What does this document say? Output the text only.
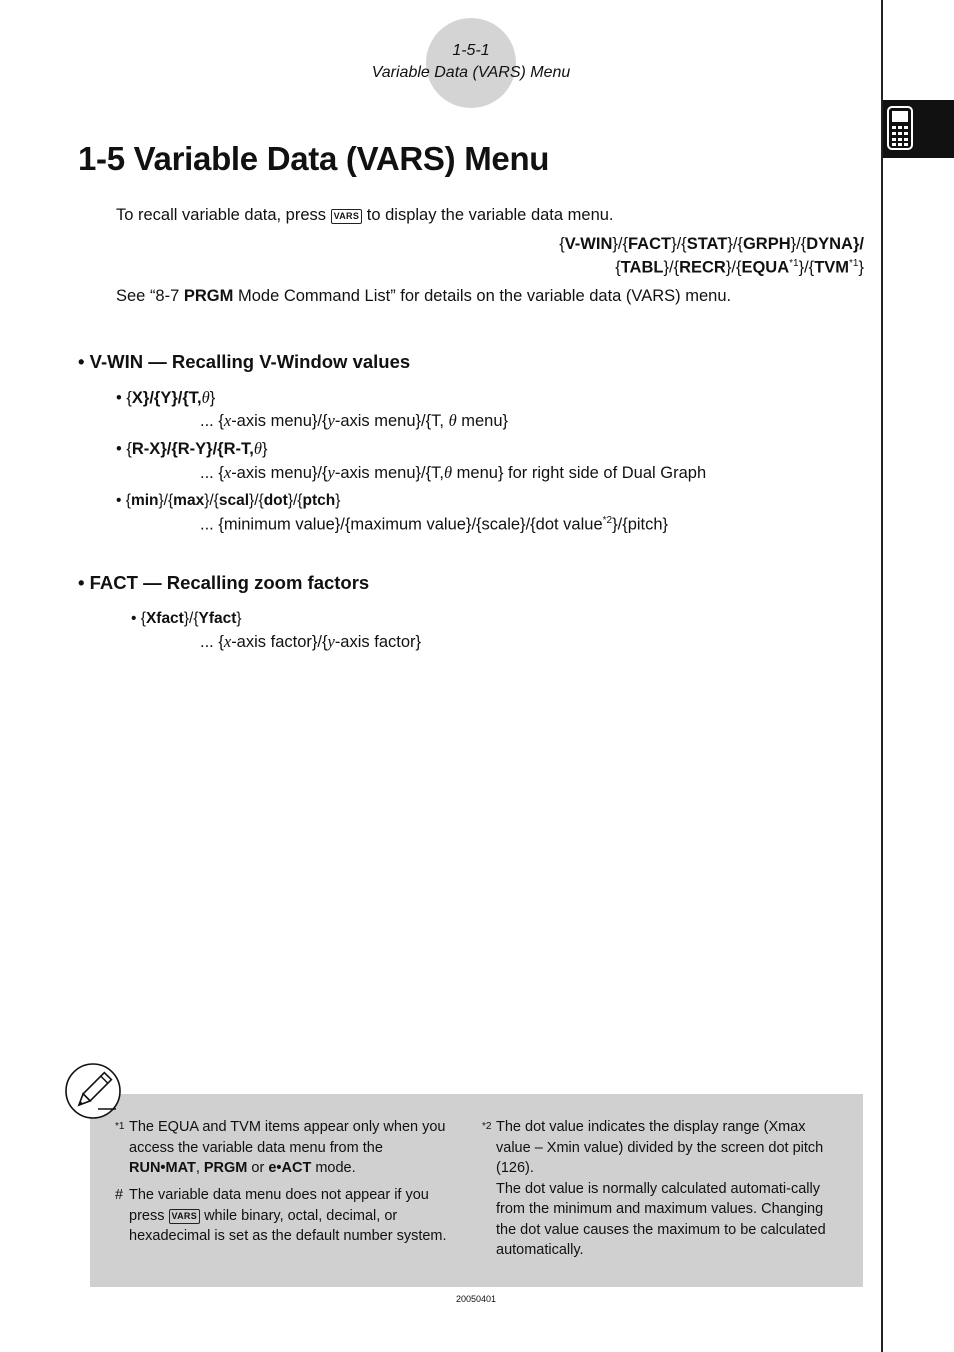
1-5-1
Variable Data (VARS) Menu
1-5 Variable Data (VARS) Menu
To recall variable data, press VARS to display the variable data menu.
{V-WIN}/{FACT}/{STAT}/{GRPH}/{DYNA}/
{TABL}/{RECR}/{EQUA$^{*1}$}/{TVM$^{*1}$}
See “8-7 PRGM Mode Command List” for details on the variable data (VARS) menu.
• V-WIN — Recalling V-Window values
• {X}/{Y}/{T,θ}
... {x-axis menu}/{y-axis menu}/{T, θ menu}
• {R-X}/{R-Y}/{R-T,θ}
... {x-axis menu}/{y-axis menu}/{T,θ menu} for right side of Dual Graph
• {min}/{max}/{scal}/{dot}/{ptch}
... {minimum value}/{maximum value}/{scale}/{dot value$^{*2}$}/{pitch}
• FACT — Recalling zoom factors
• {Xfact}/{Yfact}
... {x-axis factor}/{y-axis factor}
*1 The EQUA and TVM items appear only when you access the variable data menu from the RUN•MAT, PRGM or e•ACT mode.
# The variable data menu does not appear if you press VARS while binary, octal, decimal, or hexadecimal is set as the default number system.
*2 The dot value indicates the display range (Xmax value – Xmin value) divided by the screen dot pitch (126).
The dot value is normally calculated automati-cally from the minimum and maximum values. Changing the dot value causes the maximum to be calculated automatically.
20050401
